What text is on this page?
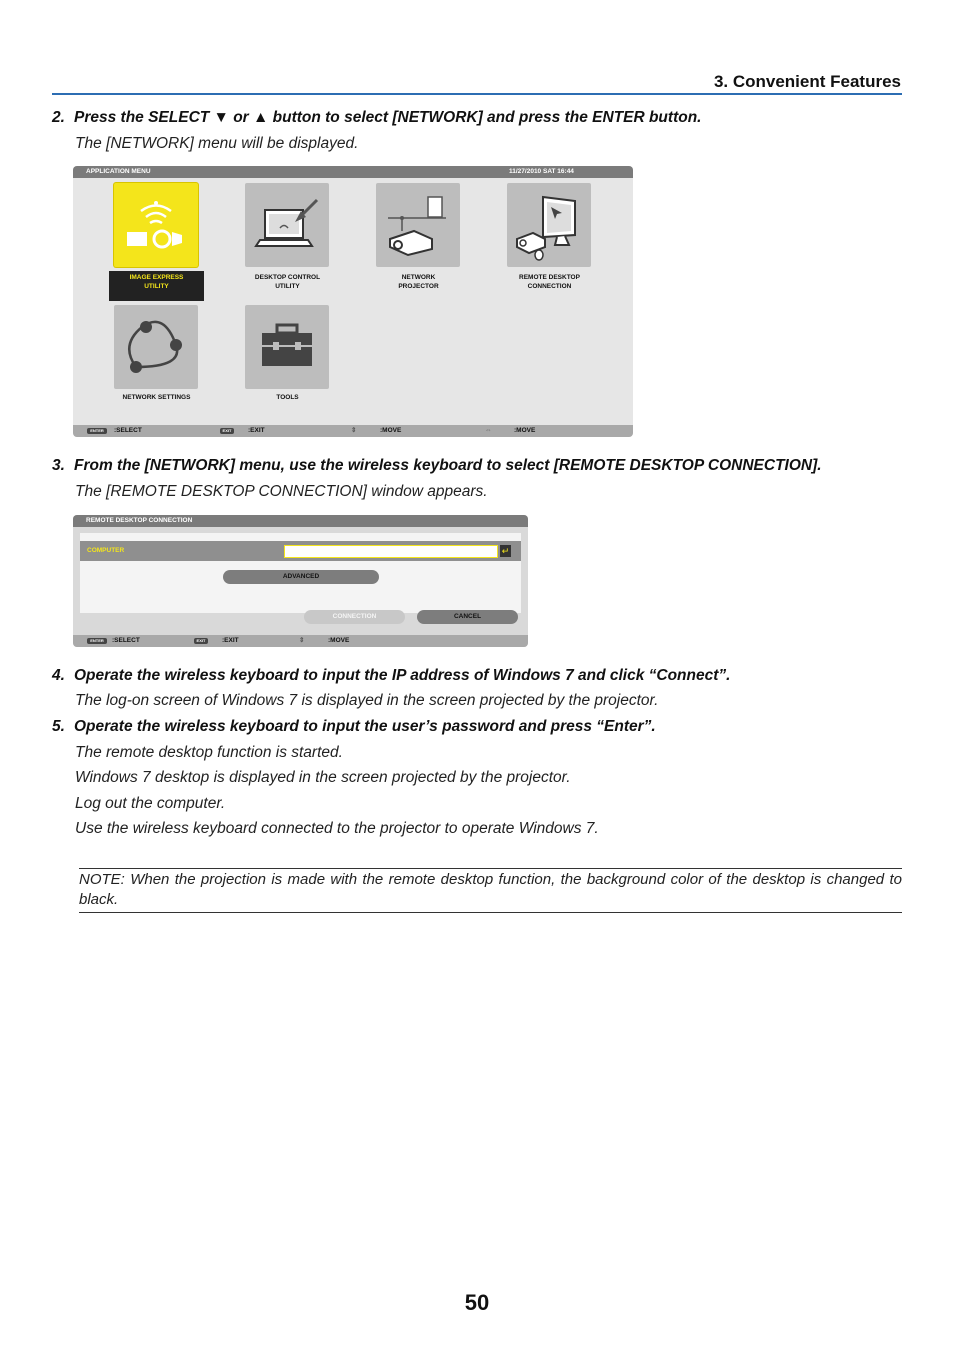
3. Convenient Features
2. Press the SELECT ▼ or ▲ button to select [NETWORK] and press the ENTER button.
The [NETWORK] menu will be displayed.
APPLICATION MENU	11/27/2010 SAT 16:44
IMAGE EXPRESS
UTILITY
DESKTOP CONTROL
UTILITY
NETWORK
PROJECTOR
REMOTE DESKTOP
CONNECTION
NETWORK SETTINGS	TOOLS
ENTER	:SELECT	EXIT	:EXIT	⇕	:MOVE	⇔	:MOVE
3. From the [NETWORK] menu, use the wireless keyboard to select [REMOTE DESKTOP CONNECTION].
The [REMOTE DESKTOP CONNECTION] window appears.
REMOTE DESKTOP CONNECTION
COMPUTER	↵
ADVANCED
CONNECTION	CANCEL
ENTER	:SELECT	EXIT	:EXIT	⇕	:MOVE
4. Operate the wireless keyboard to input the IP address of Windows 7 and click “Connect”.
The log-on screen of Windows 7 is displayed in the screen projected by the projector.
5. Operate the wireless keyboard to input the user’s password and press “Enter”.
The remote desktop function is started.
Windows 7 desktop is displayed in the screen projected by the projector.
Log out the computer.
Use the wireless keyboard connected to the projector to operate Windows 7.
NOTE: When the projection is made with the remote desktop function, the background color of the desktop is changed to black.
50
